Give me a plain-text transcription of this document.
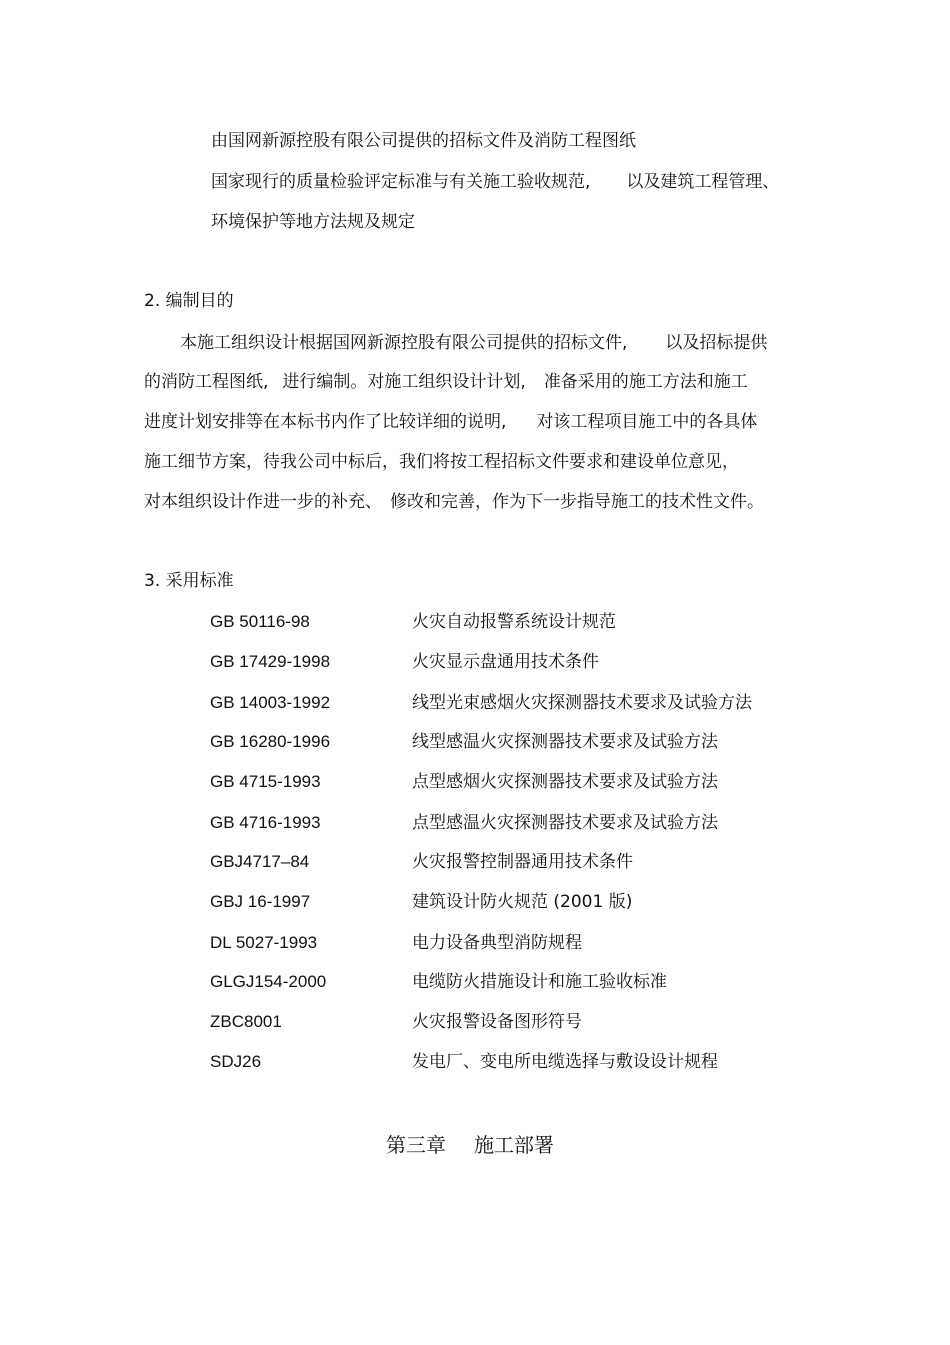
由国网新源控股有限公司提供的招标文件及消防工程图纸
国家现行的质量检验评定标准与有关施工验收规范, 以及建筑工程管理、
环境保护等地方法规及规定
2. 编制目的
本施工组织设计根据国网新源控股有限公司提供的招标文件, 以及招标提供
的消防工程图纸, 进行编制。对施工组织设计计划, 准备采用的施工方法和施工
进度计划安排等在本标书内作了比较详细的说明, 对该工程项目施工中的各具体
施工细节方案，待我公司中标后，我们将按工程招标文件要求和建设单位意见，
对本组织设计作进一步的补充、 修改和完善，作为下一步指导施工的技术性文件。
3. 采用标准
GB 50116-98	火灾自动报警系统设计规范
GB 17429-1998	火灾显示盘通用技术条件
GB 14003-1992	线型光束感烟火灾探测器技术要求及试验方法
GB 16280-1996	线型感温火灾探测器技术要求及试验方法
GB 4715-1993	点型感烟火灾探测器技术要求及试验方法
GB 4716-1993	点型感温火灾探测器技术要求及试验方法
GBJ4717–84	火灾报警控制器通用技术条件
GBJ 16-1997	建筑设计防火规范 (2001 版)
DL 5027-1993	电力设备典型消防规程
GLGJ154-2000	电缆防火措施设计和施工验收标准
ZBC8001	火灾报警设备图形符号
SDJ26	发电厂、变电所电缆选择与敷设设计规程
第三章 施工部署
